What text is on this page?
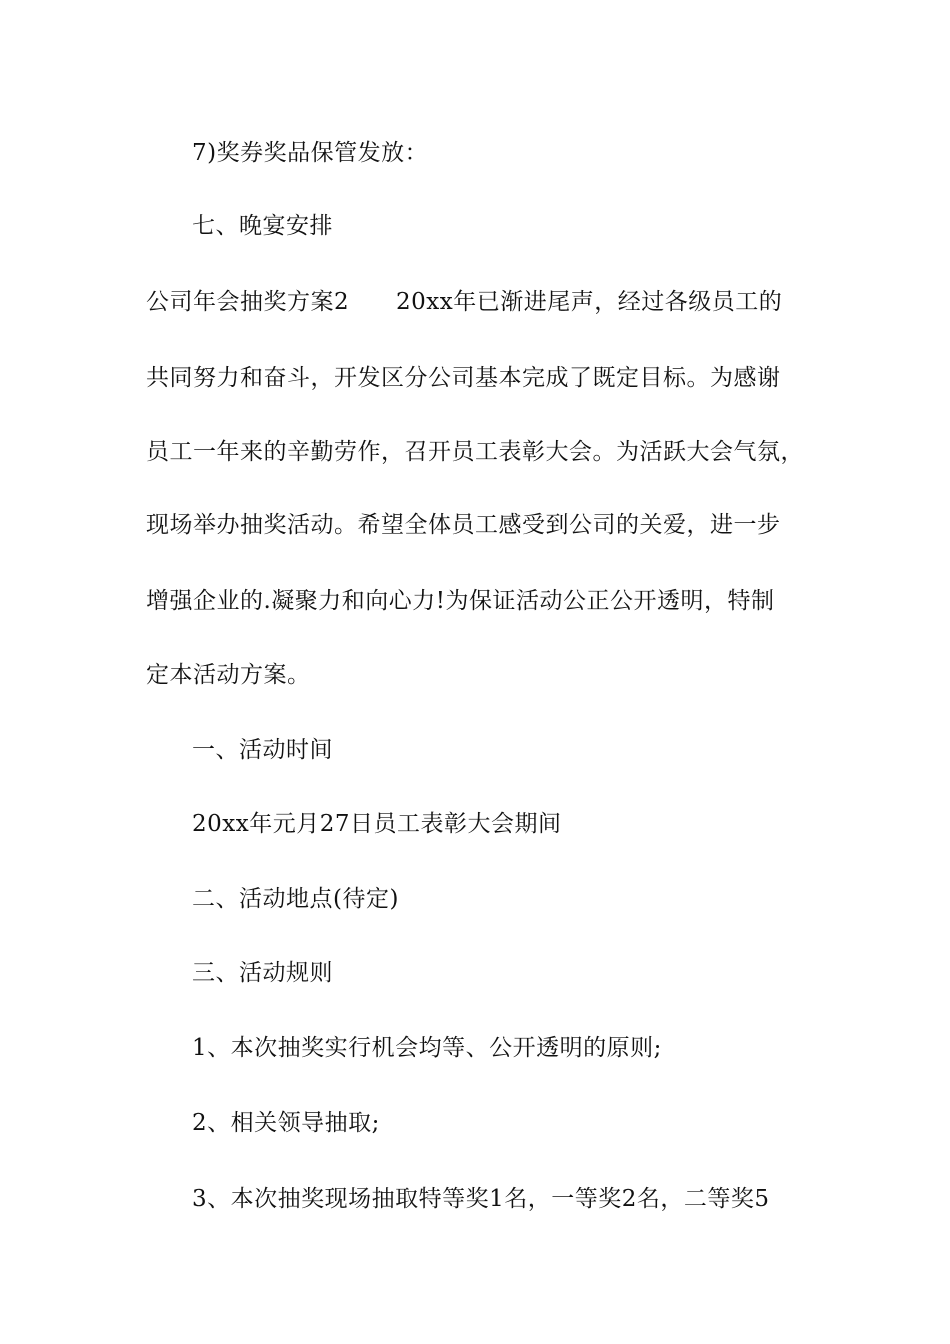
7)奖券奖品保管发放：
七、晚宴安排
公司年会抽奖方案2      20xx年已渐进尾声，经过各级员工的
共同努力和奋斗，开发区分公司基本完成了既定目标。为感谢
员工一年来的辛勤劳作，召开员工表彰大会。为活跃大会气氛，
现场举办抽奖活动。希望全体员工感受到公司的关爱，进一步
增强企业的.凝聚力和向心力!为保证活动公正公开透明，特制
定本活动方案。
一、活动时间
20xx年元月27日员工表彰大会期间
二、活动地点(待定)
三、活动规则
1、本次抽奖实行机会均等、公开透明的原则;
2、相关领导抽取;
3、本次抽奖现场抽取特等奖1名，一等奖2名，二等奖5
